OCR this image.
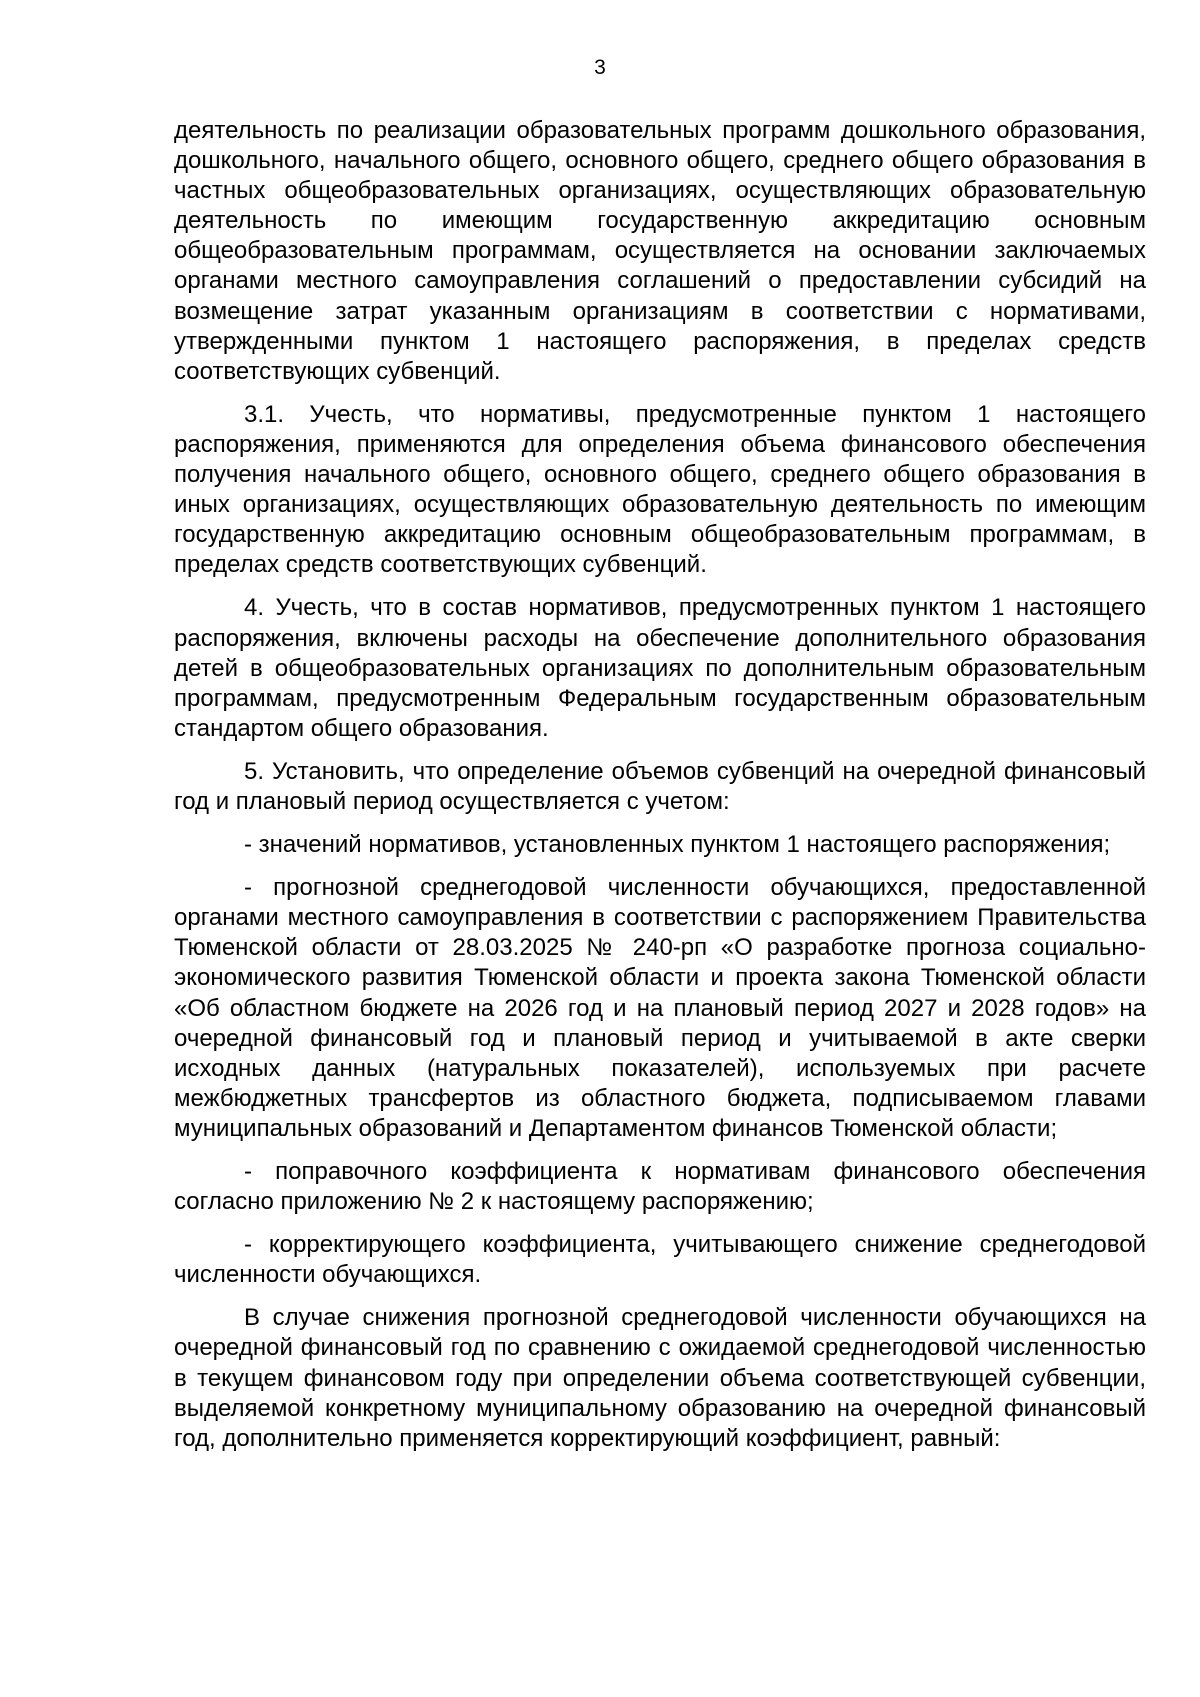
3

деятельность по реализации образовательных программ дошкольного образования, дошкольного, начального общего, основного общего, среднего общего образования в частных общеобразовательных организациях, осуществляющих образовательную деятельность по имеющим государственную аккредитацию основным общеобразовательным программам, осуществляется на основании заключаемых органами местного самоуправления соглашений о предоставлении субсидий на возмещение затрат указанным организациям в соответствии с нормативами, утвержденными пунктом 1 настоящего распоряжения, в пределах средств соответствующих субвенций.

3.1. Учесть, что нормативы, предусмотренные пунктом 1 настоящего распоряжения, применяются для определения объема финансового обеспечения получения начального общего, основного общего, среднего общего образования в иных организациях, осуществляющих образовательную деятельность по имеющим государственную аккредитацию основным общеобразовательным программам, в пределах средств соответствующих субвенций.

4. Учесть, что в состав нормативов, предусмотренных пунктом 1 настоящего распоряжения, включены расходы на обеспечение дополнительного образования детей в общеобразовательных организациях по дополнительным образовательным программам, предусмотренным Федеральным государственным образовательным стандартом общего образования.

5. Установить, что определение объемов субвенций на очередной финансовый год и плановый период осуществляется с учетом:

- значений нормативов, установленных пунктом 1 настоящего распоряжения;

- прогнозной среднегодовой численности обучающихся, предоставленной органами местного самоуправления в соответствии с распоряжением Правительства Тюменской области от 28.03.2025 № 240-рп «О разработке прогноза социально-экономического развития Тюменской области и проекта закона Тюменской области «Об областном бюджете на 2026 год и на плановый период 2027 и 2028 годов» на очередной финансовый год и плановый период и учитываемой в акте сверки исходных данных (натуральных показателей), используемых при расчете межбюджетных трансфертов из областного бюджета, подписываемом главами муниципальных образований и Департаментом финансов Тюменской области;

- поправочного коэффициента к нормативам финансового обеспечения согласно приложению № 2 к настоящему распоряжению;

- корректирующего коэффициента, учитывающего снижение среднегодовой численности обучающихся.

В случае снижения прогнозной среднегодовой численности обучающихся на очередной финансовый год по сравнению с ожидаемой среднегодовой численностью в текущем финансовом году при определении объема соответствующей субвенции, выделяемой конкретному муниципальному образованию на очередной финансовый год, дополнительно применяется корректирующий коэффициент, равный:
